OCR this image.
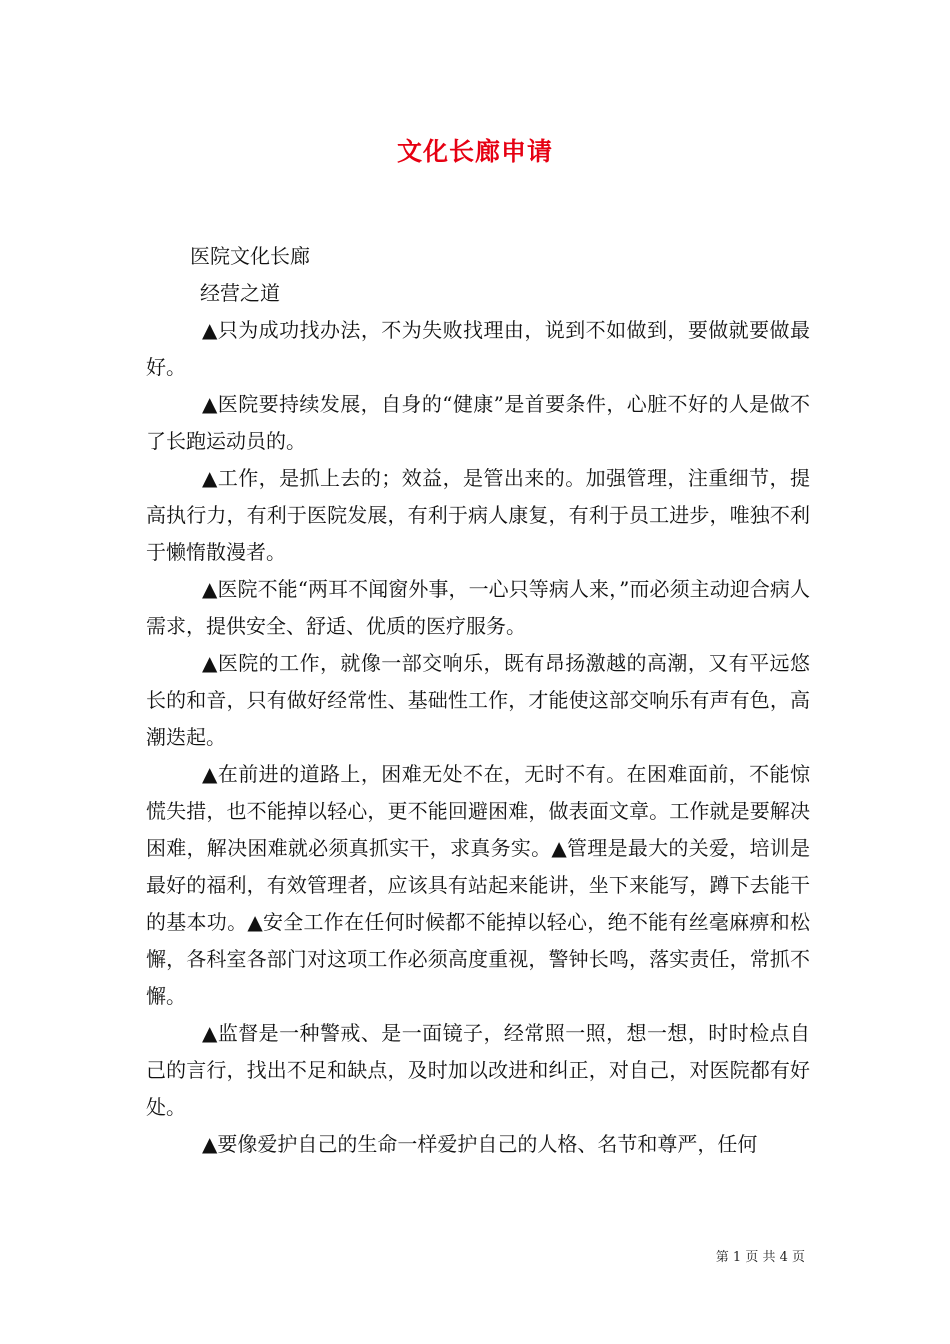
文化长廊申请

医院文化长廊

经营之道

▲只为成功找办法，不为失败找理由，说到不如做到，要做就要做最好。

▲医院要持续发展，自身的“健康”是首要条件，心脏不好的人是做不了长跑运动员的。

▲工作，是抓上去的；效益，是管出来的。加强管理，注重细节，提高执行力，有利于医院发展，有利于病人康复，有利于员工进步，唯独不利于懒惰散漫者。

▲医院不能“两耳不闻窗外事，一心只等病人来，”而必须主动迎合病人需求，提供安全、舒适、优质的医疗服务。

▲医院的工作，就像一部交响乐，既有昂扬激越的高潮，又有平远悠长的和音，只有做好经常性、基础性工作，才能使这部交响乐有声有色，高潮迭起。

▲在前进的道路上，困难无处不在，无时不有。在困难面前，不能惊慌失措，也不能掉以轻心，更不能回避困难，做表面文章。工作就是要解决困难，解决困难就必须真抓实干，求真务实。▲管理是最大的关爱，培训是最好的福利，有效管理者，应该具有站起来能讲，坐下来能写，蹲下去能干的基本功。▲安全工作在任何时候都不能掉以轻心，绝不能有丝毫麻痹和松懈，各科室各部门对这项工作必须高度重视，警钟长鸣，落实责任，常抓不懈。

▲监督是一种警戒、是一面镜子，经常照一照，想一想，时时检点自己的言行，找出不足和缺点，及时加以改进和纠正，对自己，对医院都有好处。

▲要像爱护自己的生命一样爱护自己的人格、名节和尊严，任何

第 1 页 共 4 页
